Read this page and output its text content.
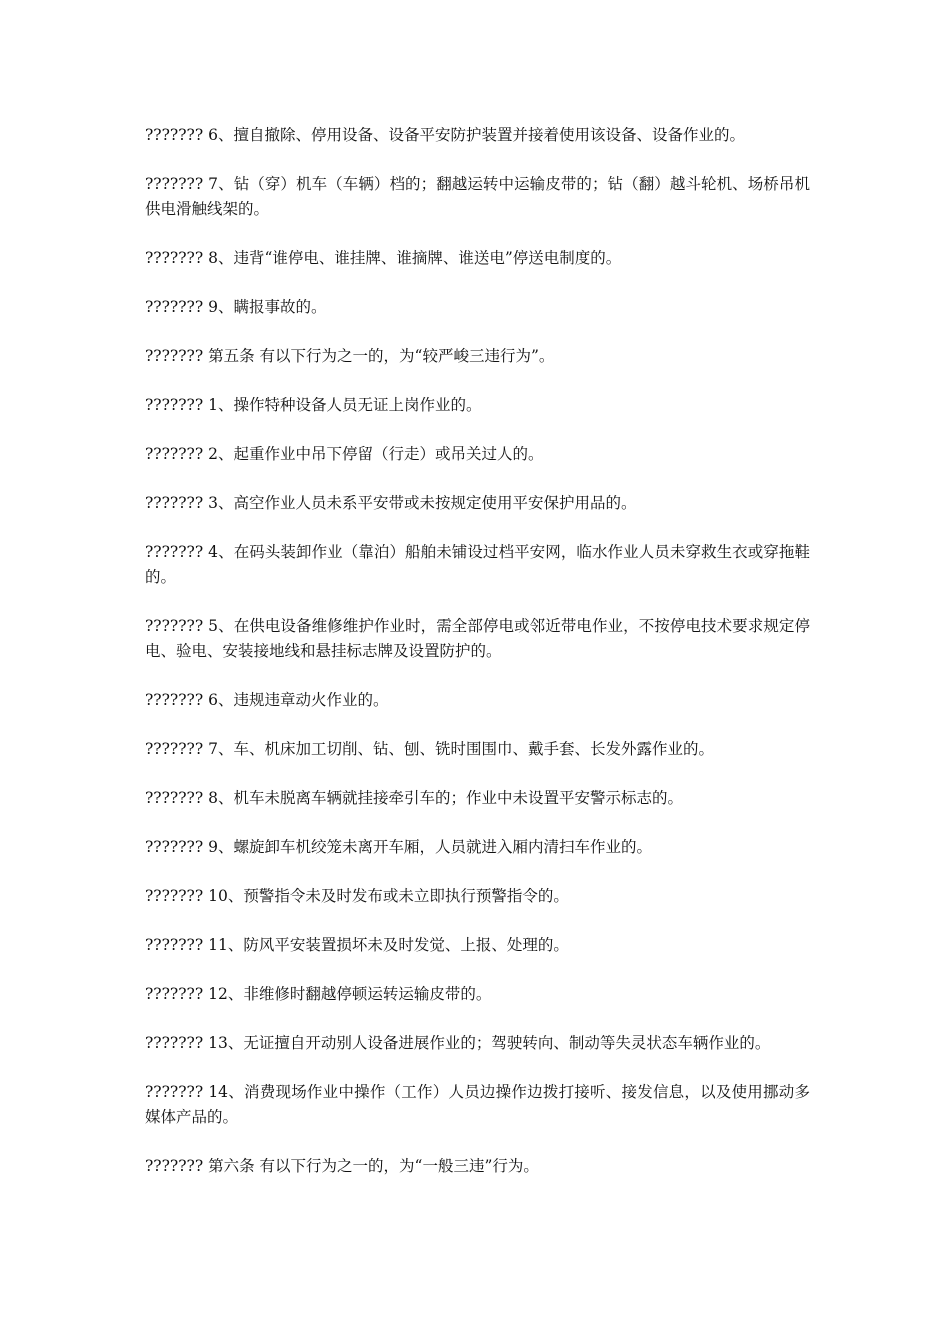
??????? 6、擅自撤除、停用设备、设备平安防护装置并接着使用该设备、设备作业的。

??????? 7、钻（穿）机车（车辆）档的；翻越运转中运输皮带的；钻（翻）越斗轮机、场桥吊机供电滑触线架的。

??????? 8、违背“谁停电、谁挂牌、谁摘牌、谁送电”停送电制度的。

??????? 9、瞒报事故的。

??????? 第五条 有以下行为之一的，为“较严峻三违行为”。

??????? 1、操作特种设备人员无证上岗作业的。

??????? 2、起重作业中吊下停留（行走）或吊关过人的。

??????? 3、高空作业人员未系平安带或未按规定使用平安保护用品的。

??????? 4、在码头装卸作业（靠泊）船舶未铺设过档平安网，临水作业人员未穿救生衣或穿拖鞋的。

??????? 5、在供电设备维修维护作业时，需全部停电或邻近带电作业，不按停电技术要求规定停电、验电、安装接地线和悬挂标志牌及设置防护的。

??????? 6、违规违章动火作业的。

??????? 7、车、机床加工切削、钻、刨、铣时围围巾、戴手套、长发外露作业的。

??????? 8、机车未脱离车辆就挂接牵引车的；作业中未设置平安警示标志的。

??????? 9、螺旋卸车机绞笼未离开车厢，人员就进入厢内清扫车作业的。

??????? 10、预警指令未及时发布或未立即执行预警指令的。

??????? 11、防风平安装置损坏未及时发觉、上报、处理的。

??????? 12、非维修时翻越停顿运转运输皮带的。

??????? 13、无证擅自开动别人设备进展作业的；驾驶转向、制动等失灵状态车辆作业的。

??????? 14、消费现场作业中操作（工作）人员边操作边拨打接听、接发信息，以及使用挪动多媒体产品的。

??????? 第六条 有以下行为之一的，为“一般三违”行为。
